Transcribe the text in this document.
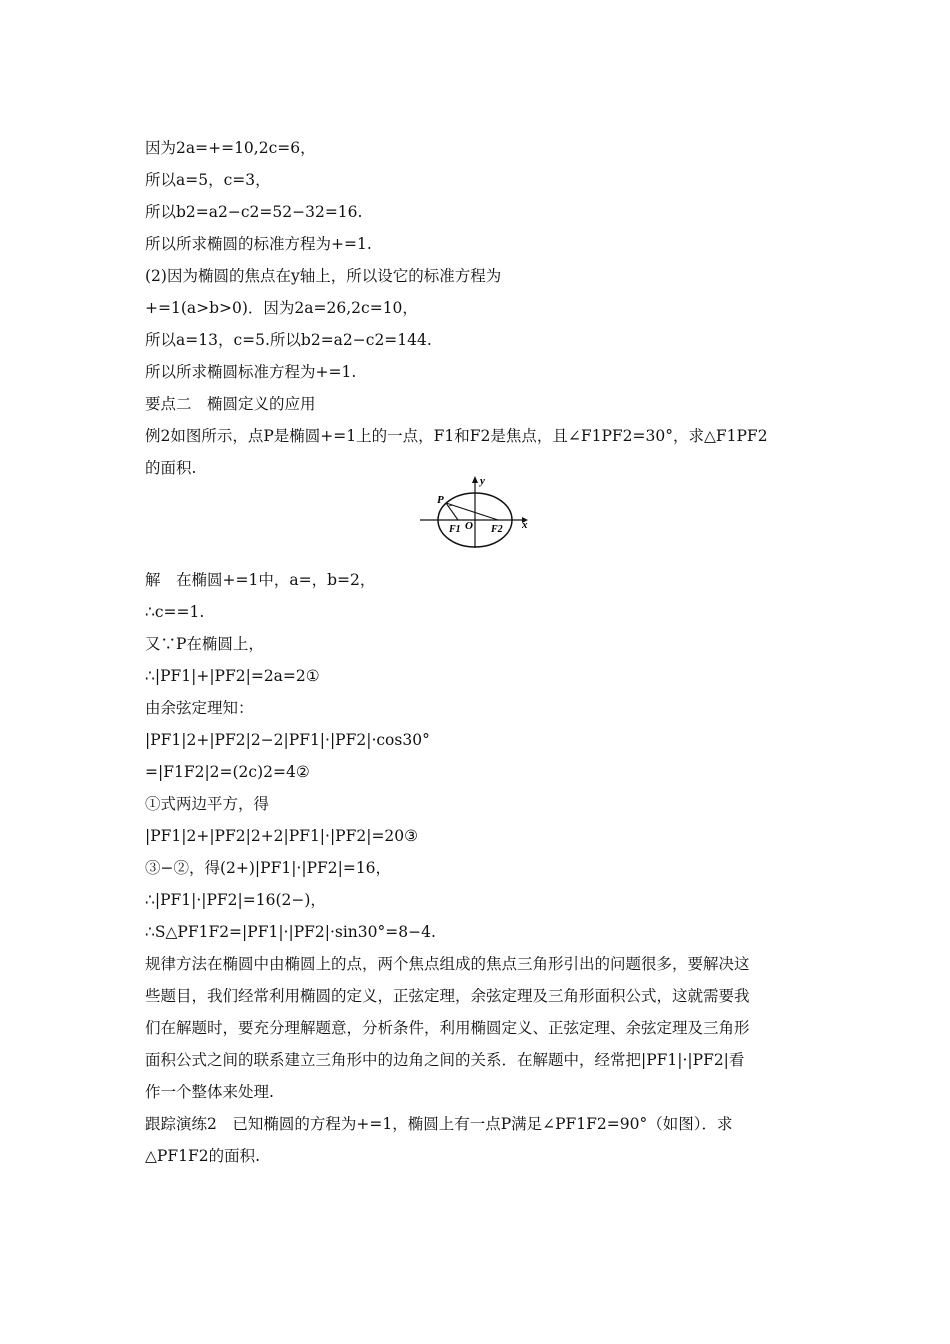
因为2a=+=10,2c=6，
所以a=5，c=3，
所以b2=a2−c2=52−32=16.
所以所求椭圆的标准方程为+=1.
(2)因为椭圆的焦点在y轴上，所以设它的标准方程为
+=1(a>b>0)．因为2a=26,2c=10，
所以a=13，c=5.所以b2=a2−c2=144.
所以所求椭圆标准方程为+=1.
要点二　椭圆定义的应用
例2如图所示，点P是椭圆+=1上的一点，F1和F2是焦点，且∠F1PF2=30°，求△F1PF2
的面积.
y
x
P
F1 O F2
解　在椭圆+=1中，a=，b=2，
∴c==1.
又∵P在椭圆上，
∴|PF1|+|PF2|=2a=2①
由余弦定理知：
|PF1|2+|PF2|2−2|PF1|·|PF2|·cos30°
=|F1F2|2=(2c)2=4②
①式两边平方，得
|PF1|2+|PF2|2+2|PF1|·|PF2|=20③
③−②，得(2+)|PF1|·|PF2|=16，
∴|PF1|·|PF2|=16(2−)，
∴S△PF1F2=|PF1|·|PF2|·sin30°=8−4.
规律方法在椭圆中由椭圆上的点，两个焦点组成的焦点三角形引出的问题很多，要解决这
些题目，我们经常利用椭圆的定义，正弦定理，余弦定理及三角形面积公式，这就需要我
们在解题时，要充分理解题意，分析条件，利用椭圆定义、正弦定理、余弦定理及三角形
面积公式之间的联系建立三角形中的边角之间的关系．在解题中，经常把|PF1|·|PF2|看
作一个整体来处理.
跟踪演练2　已知椭圆的方程为+=1，椭圆上有一点P满足∠PF1F2=90°（如图）．求
△PF1F2的面积.
